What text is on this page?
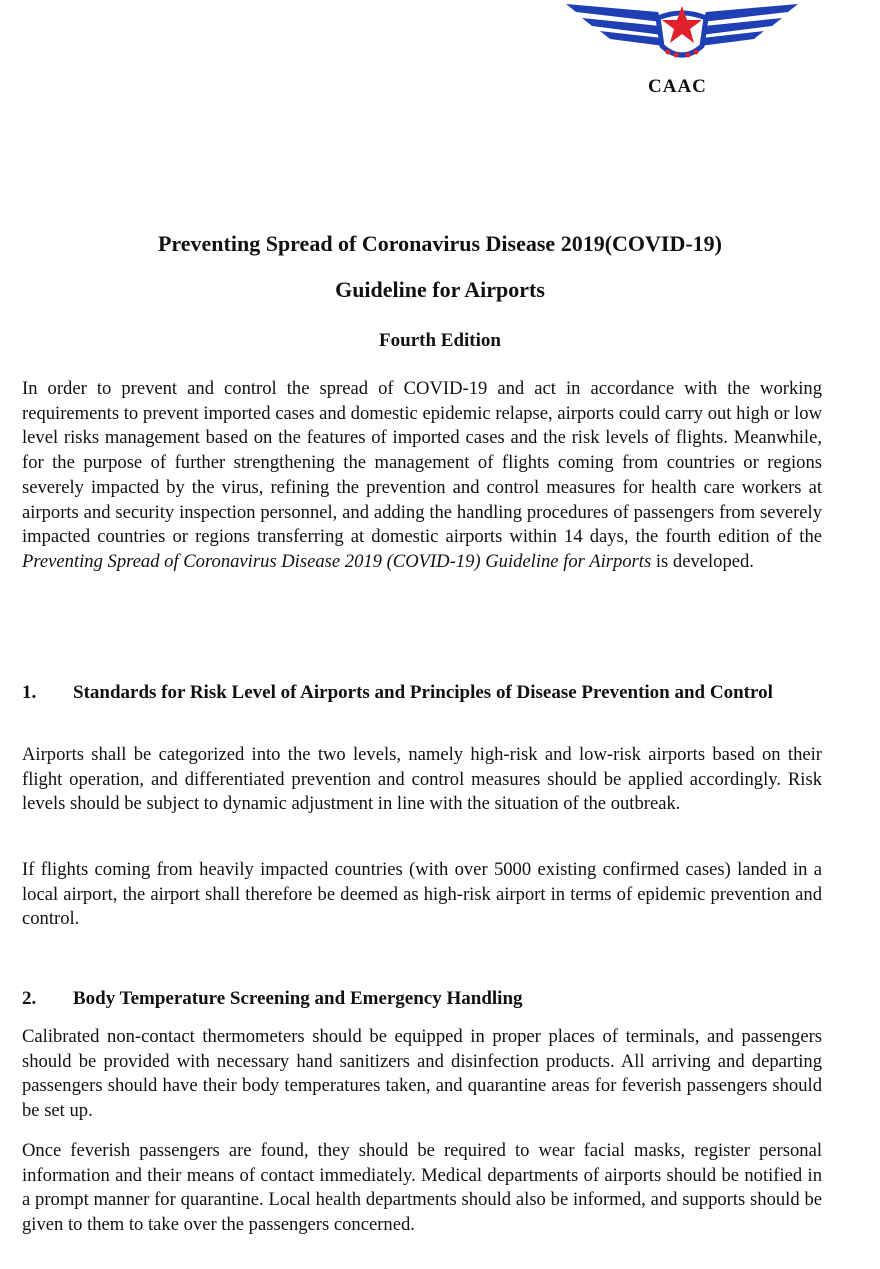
CAAC
Preventing Spread of Coronavirus Disease 2019(COVID-19)
Guideline for Airports
Fourth Edition

In order to prevent and control the spread of COVID-19 and act in accordance with the working requirements to prevent imported cases and domestic epidemic relapse, airports could carry out high or low level risks management based on the features of imported cases and the risk levels of flights. Meanwhile, for the purpose of further strengthening the management of flights coming from countries or regions severely impacted by the virus, refining the prevention and control measures for health care workers at airports and security inspection personnel, and adding the handling procedures of passengers from severely impacted countries or regions transferring at domestic airports within 14 days, the fourth edition of the Preventing Spread of Coronavirus Disease 2019 (COVID-19) Guideline for Airports is developed.

1. Standards for Risk Level of Airports and Principles of Disease Prevention and Control

Airports shall be categorized into the two levels, namely high-risk and low-risk airports based on their flight operation, and differentiated prevention and control measures should be applied accordingly. Risk levels should be subject to dynamic adjustment in line with the situation of the outbreak.

If flights coming from heavily impacted countries (with over 5000 existing confirmed cases) landed in a local airport, the airport shall therefore be deemed as high-risk airport in terms of epidemic prevention and control.

2. Body Temperature Screening and Emergency Handling

Calibrated non-contact thermometers should be equipped in proper places of terminals, and passengers should be provided with necessary hand sanitizers and disinfection products. All arriving and departing passengers should have their body temperatures taken, and quarantine areas for feverish passengers should be set up.

Once feverish passengers are found, they should be required to wear facial masks, register personal information and their means of contact immediately. Medical departments of airports should be notified in a prompt manner for quarantine. Local health departments should also be informed, and supports should be given to them to take over the passengers concerned.
